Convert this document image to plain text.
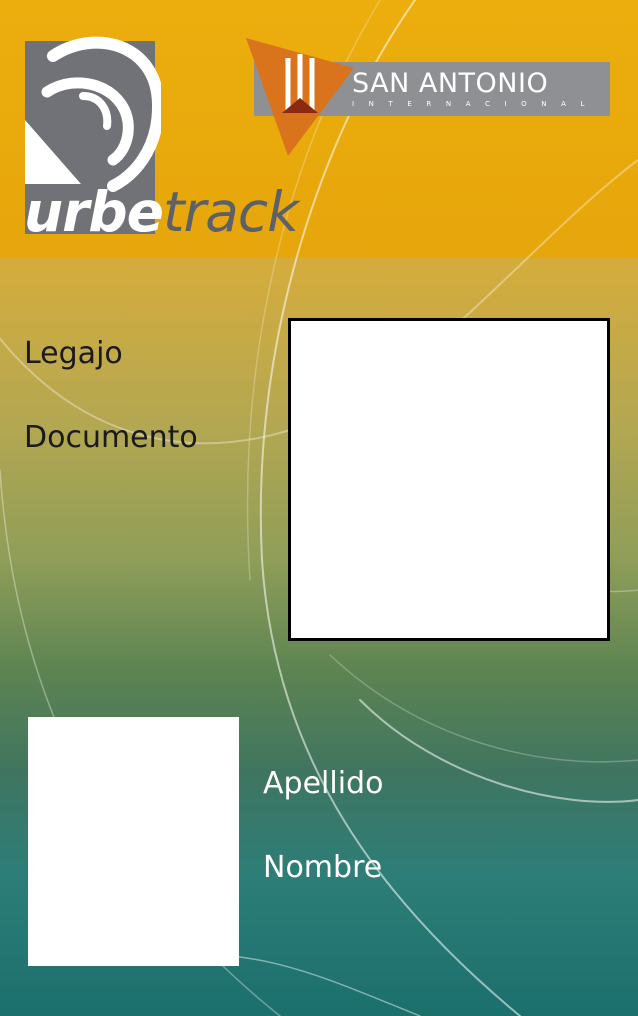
urbetrack
SAN ANTONIO
INTERNACIONAL
Legajo
Documento
Apellido
Nombre
